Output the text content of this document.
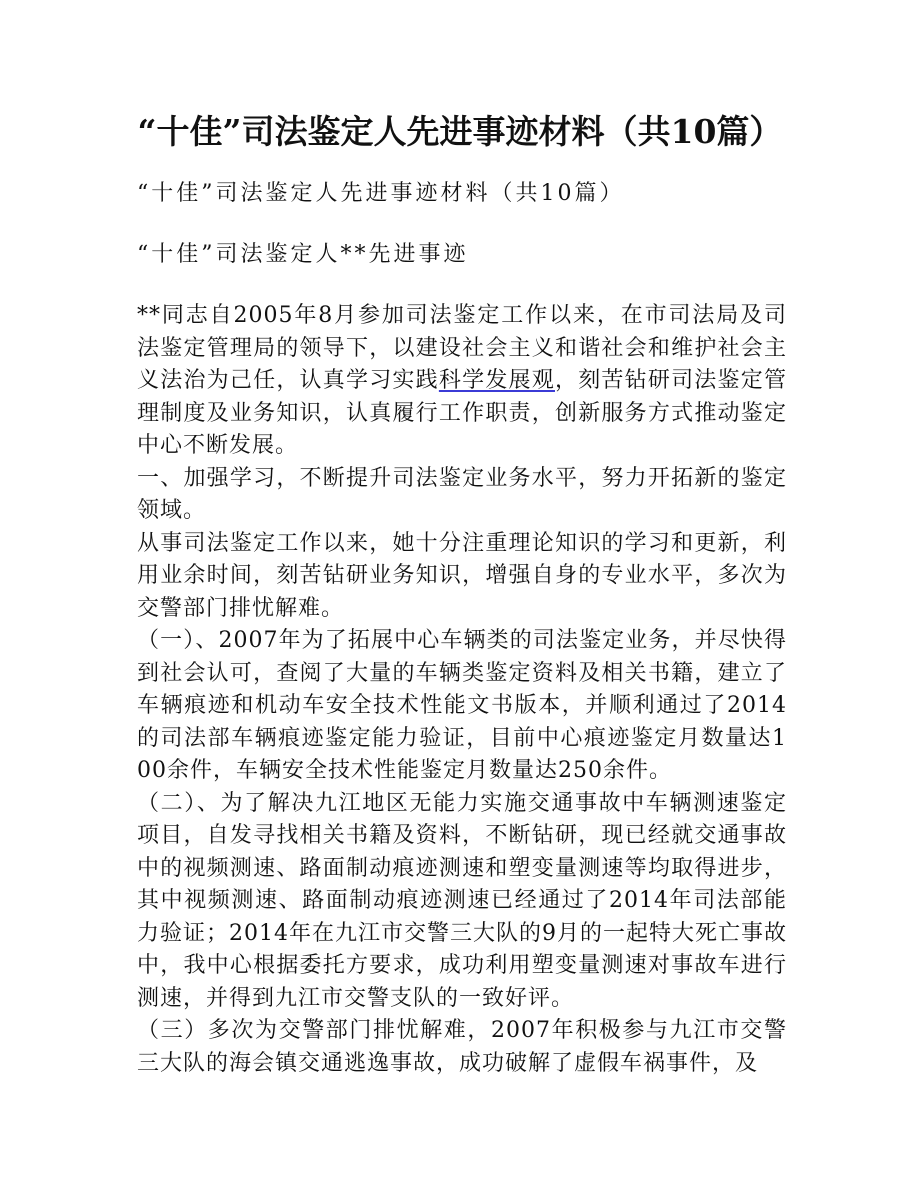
“十佳”司法鉴定人先进事迹材料（共10篇）
“十佳”司法鉴定人先进事迹材料（共10篇）
“十佳”司法鉴定人**先进事迹

**同志自2005年8月参加司法鉴定工作以来，在市司法局及司法鉴定管理局的领导下，以建设社会主义和谐社会和维护社会主义法治为己任，认真学习实践科学发展观，刻苦钻研司法鉴定管理制度及业务知识，认真履行工作职责，创新服务方式推动鉴定中心不断发展。

一、加强学习，不断提升司法鉴定业务水平，努力开拓新的鉴定领域。

从事司法鉴定工作以来，她十分注重理论知识的学习和更新，利用业余时间，刻苦钻研业务知识，增强自身的专业水平，多次为交警部门排忧解难。

（一）、2007年为了拓展中心车辆类的司法鉴定业务，并尽快得到社会认可，查阅了大量的车辆类鉴定资料及相关书籍，建立了车辆痕迹和机动车安全技术性能文书版本，并顺利通过了2014的司法部车辆痕迹鉴定能力验证，目前中心痕迹鉴定月数量达100余件，车辆安全技术性能鉴定月数量达250余件。

（二）、为了解决九江地区无能力实施交通事故中车辆测速鉴定项目，自发寻找相关书籍及资料，不断钻研，现已经就交通事故中的视频测速、路面制动痕迹测速和塑变量测速等均取得进步，其中视频测速、路面制动痕迹测速已经通过了2014年司法部能力验证；2014年在九江市交警三大队的9月的一起特大死亡事故中，我中心根据委托方要求，成功利用塑变量测速对事故车进行测速，并得到九江市交警支队的一致好评。

（三）多次为交警部门排忧解难，2007年积极参与九江市交警三大队的海会镇交通逃逸事故，成功破解了虚假车祸事件，及
